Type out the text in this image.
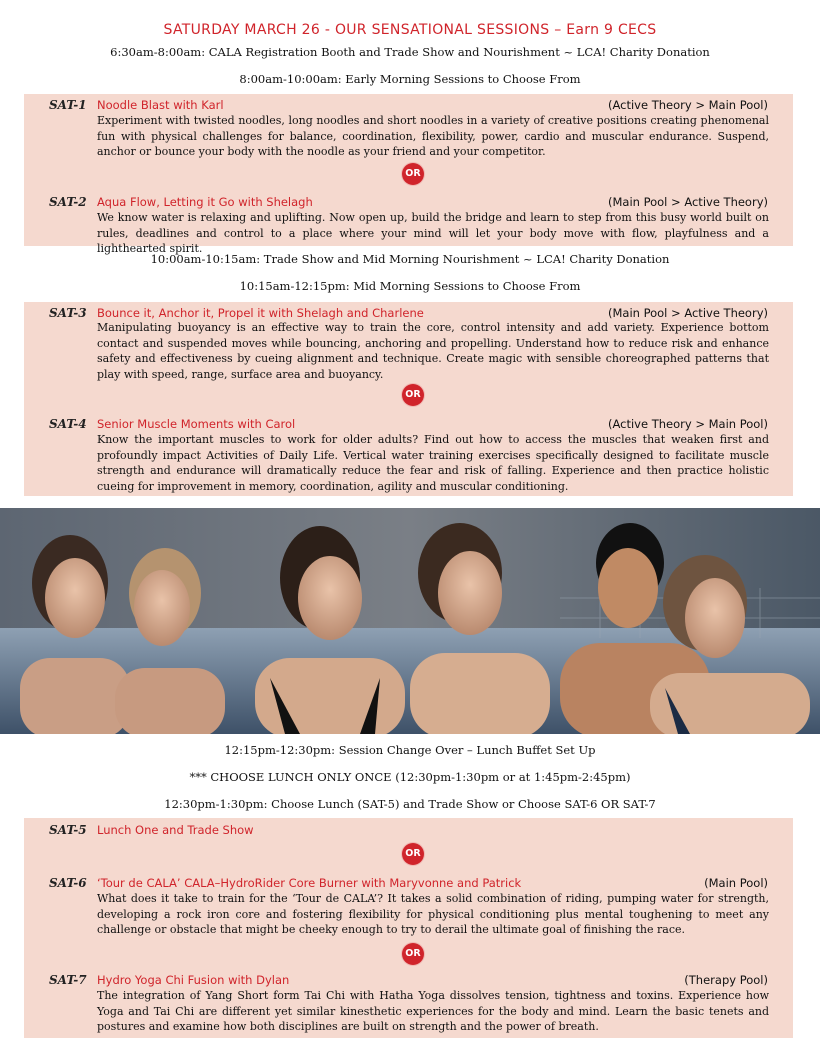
SATURDAY MARCH 26 - OUR SENSATIONAL SESSIONS – Earn 9 CECS
6:30am-8:00am: CALA Registration Booth and Trade Show and Nourishment ~ LCA! Charity Donation
8:00am-10:00am: Early Morning Sessions to Choose From
SAT-1 Noodle Blast with Karl	(Active Theory > Main Pool)

Experiment with twisted noodles, long noodles and short noodles in a variety of creative positions creating phenomenal fun with physical challenges for balance, coordination, flexibility, power, cardio and muscular endurance. Suspend, anchor or bounce your body with the noodle as your friend and your competitor.

OR
SAT-2 Aqua Flow, Letting it Go with Shelagh	(Main Pool > Active Theory)

We know water is relaxing and uplifting. Now open up, build the bridge and learn to step from this busy world built on rules, deadlines and control to a place where your mind will let your body move with flow, playfulness and a lighthearted spirit.

10:00am-10:15am: Trade Show and Mid Morning Nourishment ~ LCA! Charity Donation
10:15am-12:15pm: Mid Morning Sessions to Choose From
SAT-3 Bounce it, Anchor it, Propel it with Shelagh and Charlene	(Main Pool > Active Theory)

Manipulating buoyancy is an effective way to train the core, control intensity and add variety. Experience bottom contact and suspended moves while bouncing, anchoring and propelling. Understand how to reduce risk and enhance safety and effectiveness by cueing alignment and technique. Create magic with sensible choreographed patterns that play with speed, range, surface area and buoyancy.

OR
SAT-4 Senior Muscle Moments with Carol	(Active Theory > Main Pool)

Know the important muscles to work for older adults? Find out how to access the muscles that weaken first and profoundly impact Activities of Daily Life. Vertical water training exercises specifically designed to facilitate muscle strength and endurance will dramatically reduce the fear and risk of falling. Experience and then practice holistic cueing for improvement in memory, coordination, agility and muscular conditioning.

12:15pm-12:30pm: Session Change Over – Lunch Buffet Set Up
*** CHOOSE LUNCH ONLY ONCE (12:30pm-1:30pm or at 1:45pm-2:45pm)
12:30pm-1:30pm: Choose Lunch (SAT-5) and Trade Show or Choose SAT-6 OR SAT-7
SAT-5 Lunch One and Trade Show
OR
SAT-6 ‘Tour de CALA’ CALA–HydroRider Core Burner with Maryvonne and Patrick	(Main Pool)

What does it take to train for the ‘Tour de CALA’? It takes a solid combination of riding, pumping water for strength, developing a rock iron core and fostering flexibility for physical conditioning plus mental toughening to meet any challenge or obstacle that might be cheeky enough to try to derail the ultimate goal of finishing the race.

OR
SAT-7 Hydro Yoga Chi Fusion with Dylan	(Therapy Pool)

The integration of Yang Short form Tai Chi with Hatha Yoga dissolves tension, tightness and toxins. Experience how Yoga and Tai Chi are different yet similar kinesthetic experiences for the body and mind. Learn the basic tenets and postures and examine how both disciplines are built on strength and the power of breath.
